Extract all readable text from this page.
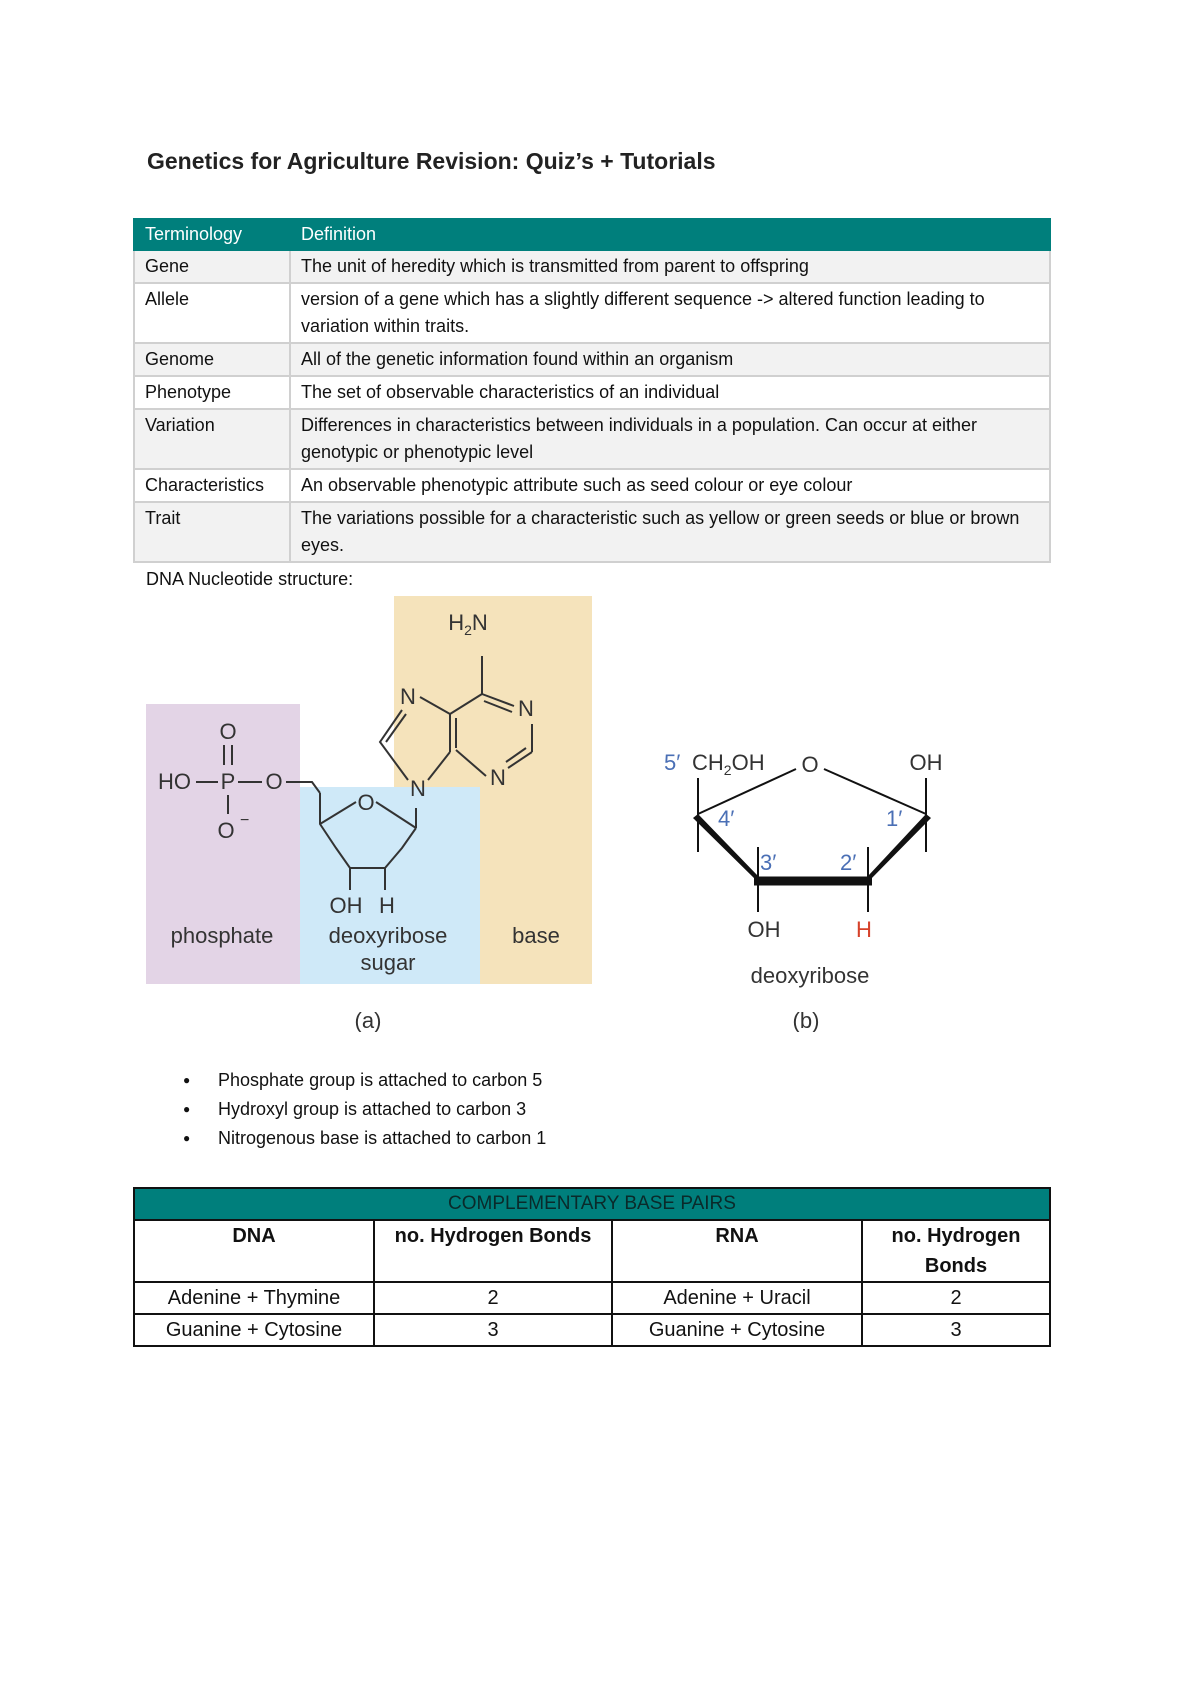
Genetics for Agriculture Revision: Quiz’s + Tutorials
Terminology	Definition
Gene	The unit of heredity which is transmitted from parent to offspring
Allele	version of a gene which has a slightly different sequence -> altered function leading to variation within traits.
Genome	All of the genetic information found within an organism
Phenotype	The set of observable characteristics of an individual
Variation	Differences in characteristics between individuals in a population. Can occur at either genotypic or phenotypic level
Characteristics	An observable phenotypic attribute such as seed colour or eye colour
Trait	The variations possible for a characteristic such as yellow or green seeds or blue or brown eyes.
DNA Nucleotide structure:
O
HO P O
O −
O
OH H
N
N	N
N
$H_2N$
phosphate	deoxyribose
sugar
base
(a)
5′ $CH_2OH$ O	OH
4′	1′
3′	2′
OH	H
deoxyribose
(b)
● Phosphate group is attached to carbon 5
● Hydroxyl group is attached to carbon 3
● Nitrogenous base is attached to carbon 1
COMPLEMENTARY BASE PAIRS			
DNA	no. Hydrogen Bonds	RNA	no. Hydrogen Bonds
Adenine + Thymine	2	Adenine + Uracil	2
Guanine + Cytosine	3	Guanine + Cytosine	3
